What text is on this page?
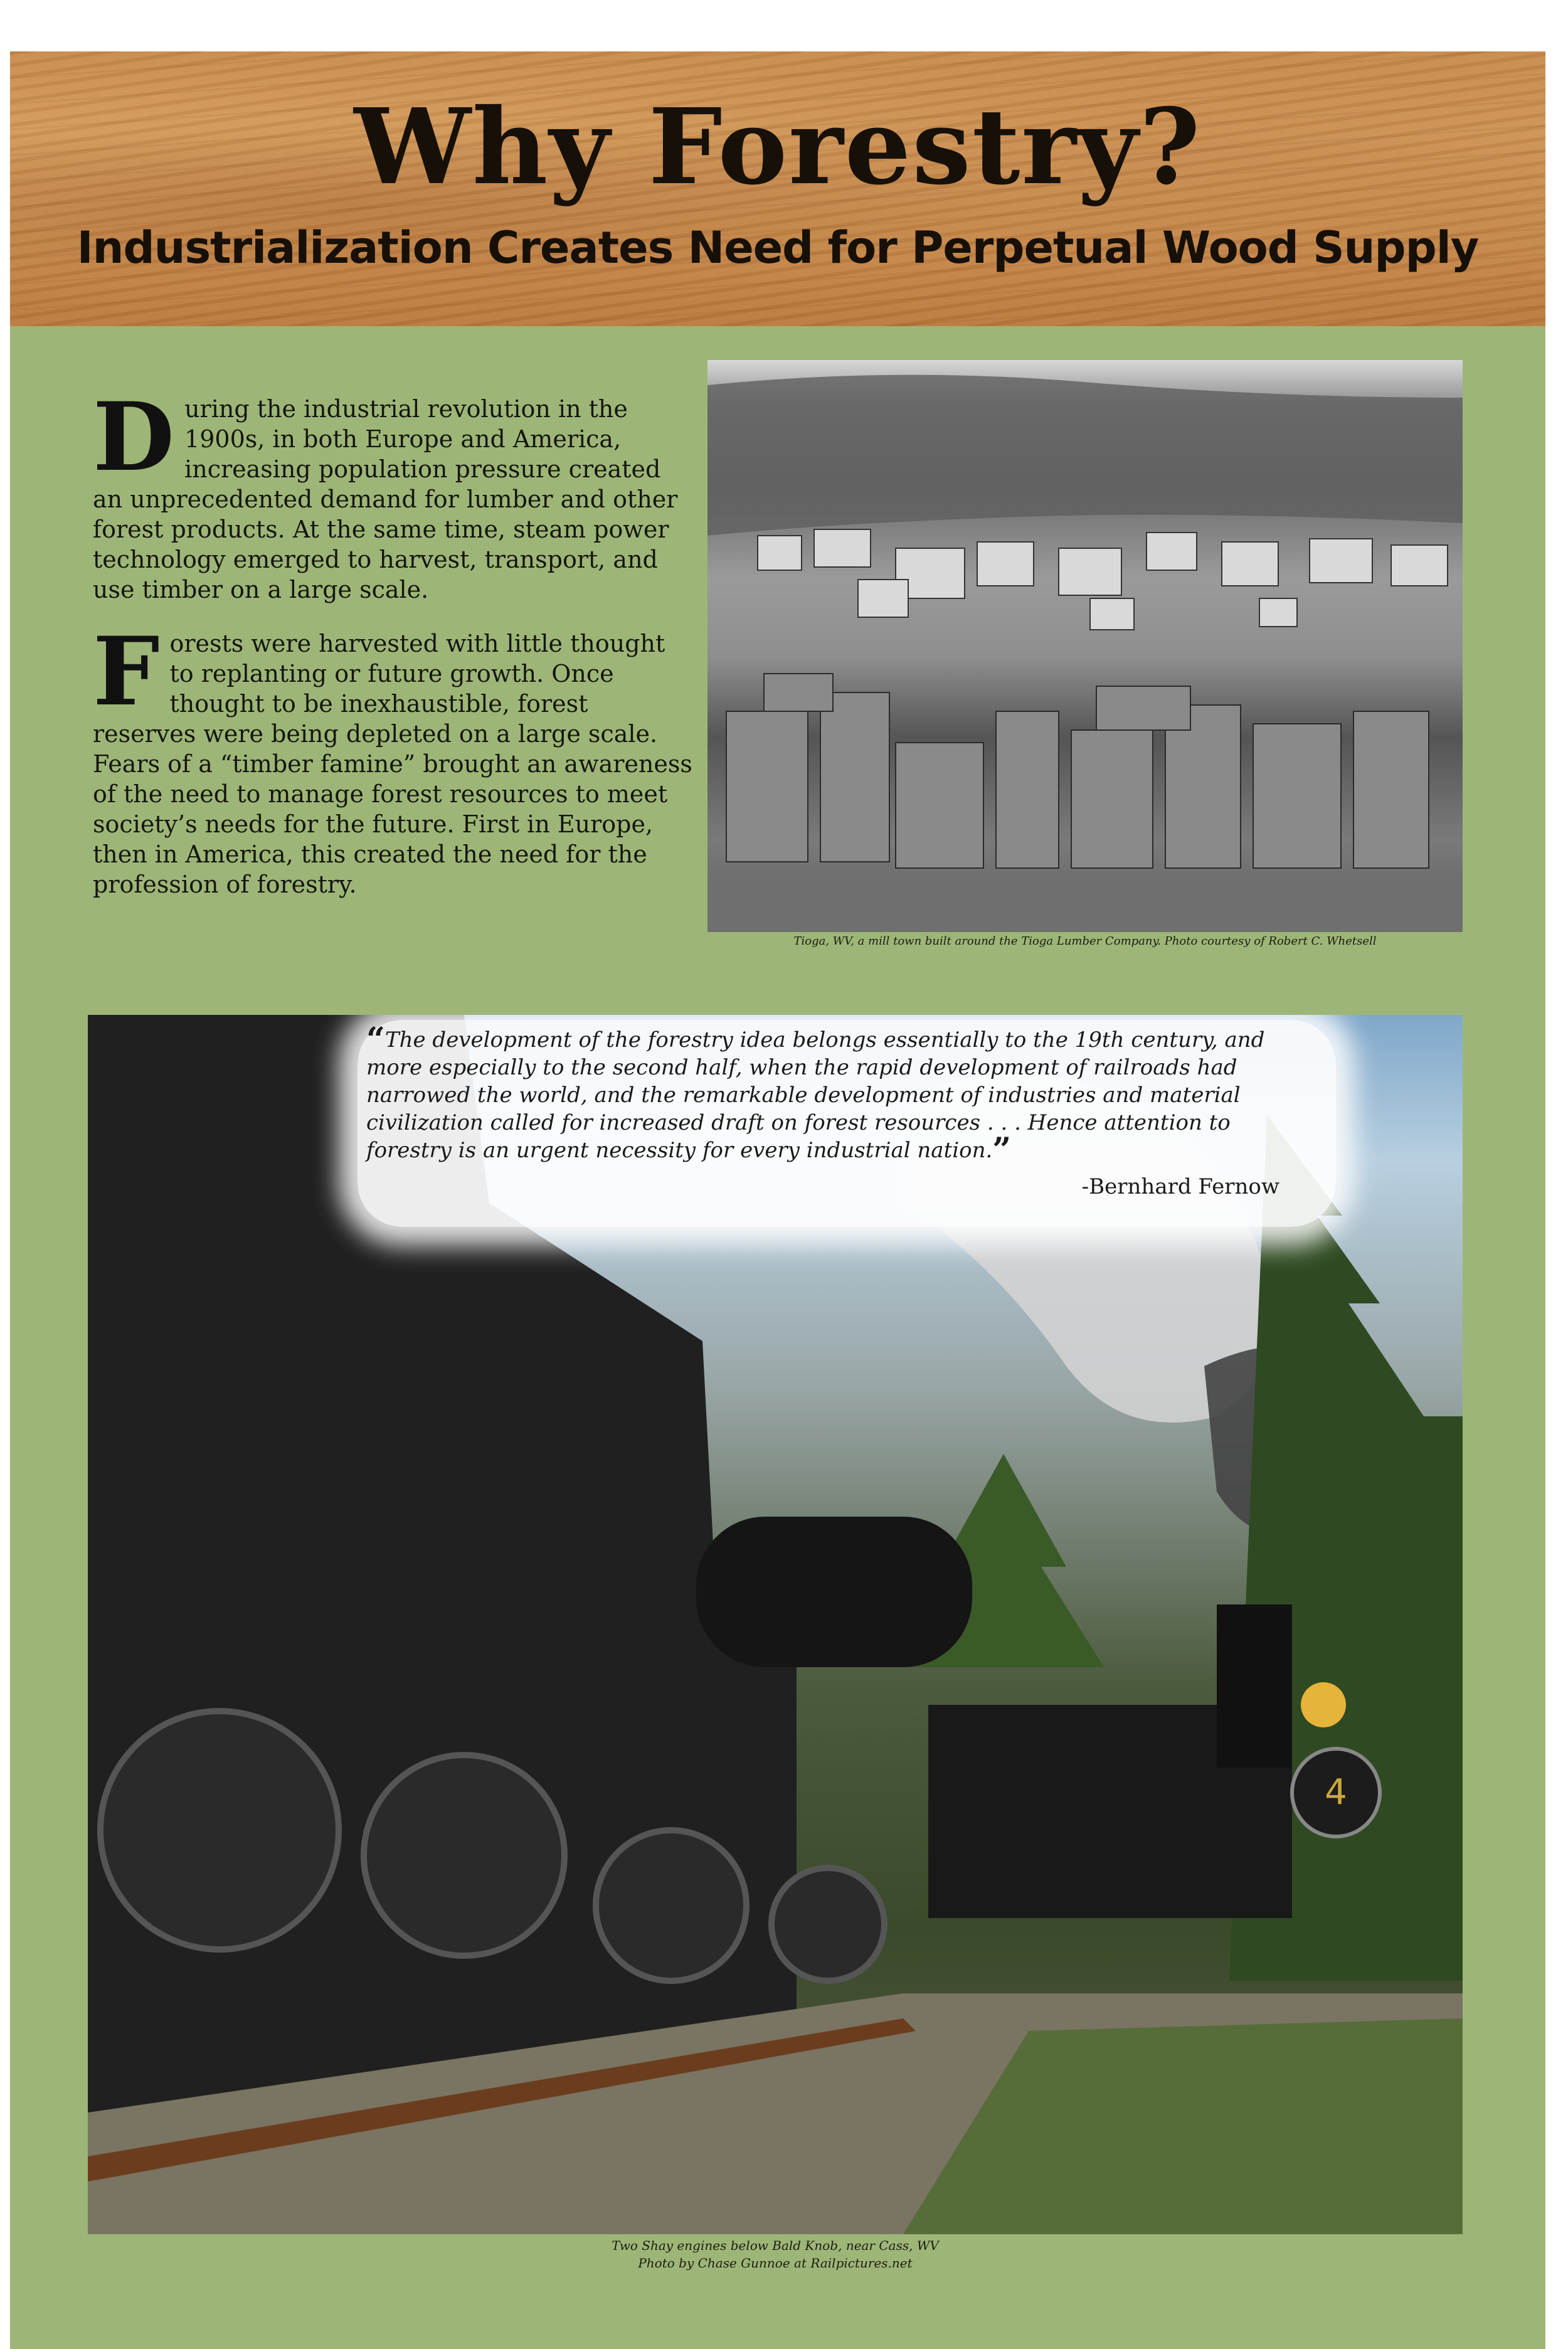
Why Forestry?
Industrialization Creates Need for Perpetual Wood Supply

During the industrial revolution in the 1900s, in both Europe and America, increasing population pressure created an unprecedented demand for lumber and other forest products. At the same time, steam power technology emerged to harvest, transport, and use timber on a large scale.

Forests were harvested with little thought to replanting or future growth. Once thought to be inexhaustible, forest reserves were being depleted on a large scale. Fears of a “timber famine” brought an awareness of the need to manage forest resources to meet society’s needs for the future. First in Europe, then in America, this created the need for the profession of forestry.

Tioga, WV, a mill town built around the Tioga Lumber Company. Photo courtesy of Robert C. Whetsell
4
“The development of the forestry idea belongs essentially to the 19th century, and more especially to the second half, when the rapid development of railroads had narrowed the world, and the remarkable development of industries and material civilization called for increased draft on forest resources . . . Hence attention to forestry is an urgent necessity for every industrial nation.”
-Bernhard Fernow
Two Shay engines below Bald Knob, near Cass, WV
Photo by Chase Gunnoe at Railpictures.net
